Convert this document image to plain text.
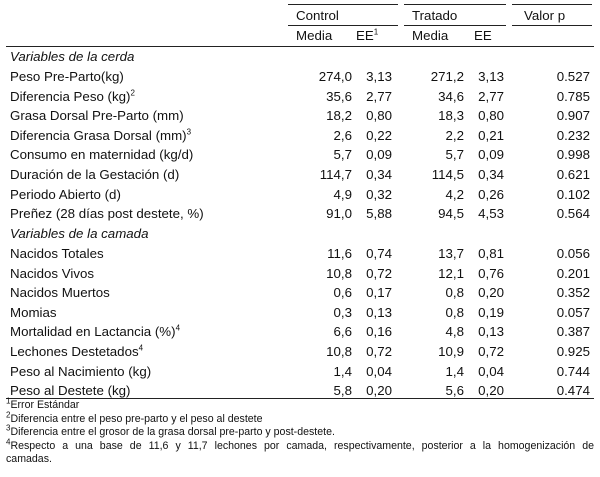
Control	Tratado	Valor p
Media $EE^1$	Media EE
Variables de la cerda
Peso Pre-Parto(kg)	274,0	3,13	271,2	3,13	0.527
Diferencia Peso (kg)$^2$	35,6	2,77	34,6	2,77	0.785
Grasa Dorsal Pre-Parto (mm)	18,2	0,80	18,3	0,80	0.907
Diferencia Grasa Dorsal (mm)$^3$	2,6	0,22	2,2	0,21	0.232
Consumo en maternidad (kg/d)	5,7	0,09	5,7	0,09	0.998
Duración de la Gestación (d)	114,7	0,34	114,5	0,34	0.621
Periodo Abierto (d)	4,9	0,32	4,2	0,26	0.102
Preñez (28 días post destete, %)	91,0	5,88	94,5	4,53	0.564
Variables de la camada
Nacidos Totales	11,6	0,74	13,7	0,81	0.056
Nacidos Vivos	10,8	0,72	12,1	0,76	0.201
Nacidos Muertos	0,6	0,17	0,8	0,20	0.352
Momias	0,3	0,13	0,8	0,19	0.057
Mortalidad en Lactancia (%)$^4$	6,6	0,16	4,8	0,13	0.387
Lechones Destetados$^4$	10,8	0,72	10,9	0,72	0.925
Peso al Nacimiento (kg)	1,4	0,04	1,4	0,04	0.744
Peso al Destete (kg)	5,8	0,20	5,6	0,20	0.474
$^1$Error Estándar
$^2$Diferencia entre el peso pre-parto y el peso al destete
$^3$Diferencia entre el grosor de la grasa dorsal pre-parto y post-destete.
$^4$Respecto a una base de 11,6 y 11,7 lechones por camada, respectivamente, posterior a la homogenización de
camadas.
